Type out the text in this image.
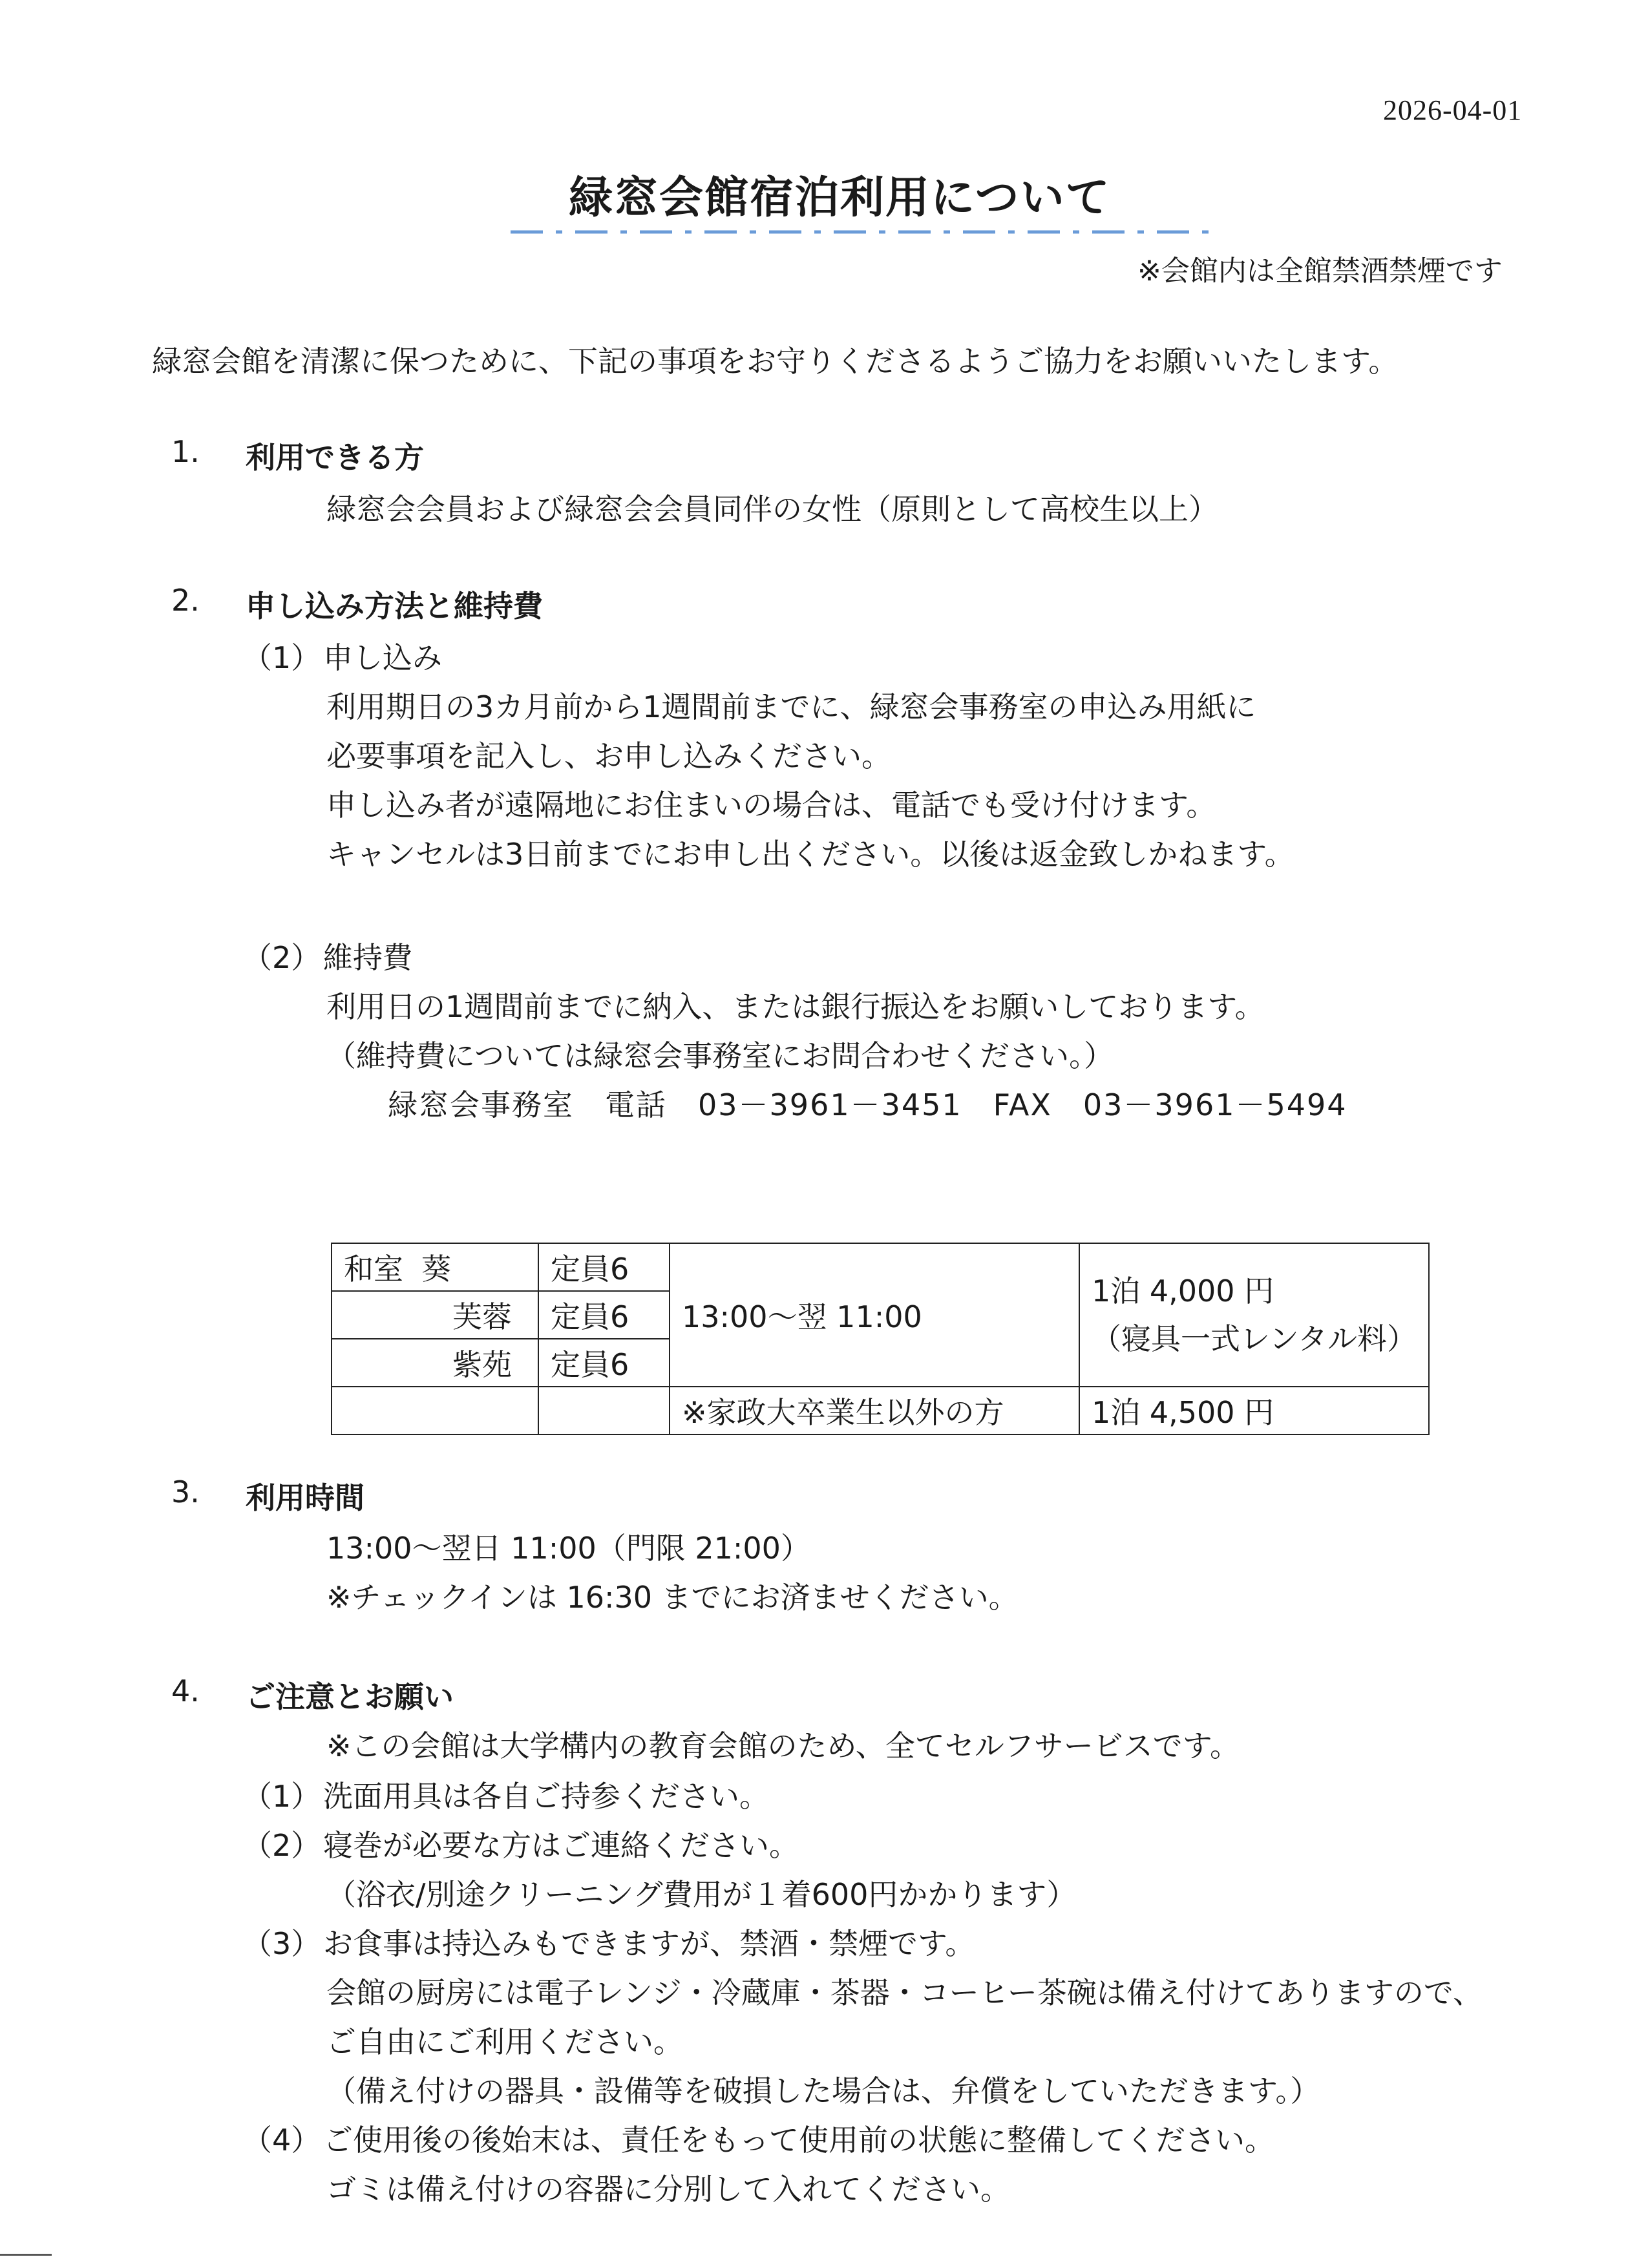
2026-04-01
緑窓会館宿泊利用について
※会館内は全館禁酒禁煙です
緑窓会館を清潔に保つために、下記の事項をお守りくださるようご協力をお願いいたします。
1. 利用できる方
緑窓会会員および緑窓会会員同伴の女性（原則として高校生以上）
2. 申し込み方法と維持費
（1） 申し込み
利用期日の3カ月前から1週間前までに、緑窓会事務室の申込み用紙に
必要事項を記入し、お申し込みください。
申し込み者が遠隔地にお住まいの場合は、電話でも受け付けます。
キャンセルは3日前までにお申し出ください。以後は返金致しかねます。
（2） 維持費
利用日の1週間前までに納入、または銀行振込をお願いしております。
（維持費については緑窓会事務室にお問合わせください。）
緑窓会事務室　電話　03－3961－3451　FAX　03－3961－5494
和室 葵	定員6	13:00～翌 11:00	1泊 4,000 円
（寝具一式レンタル料）

芙蓉	定員6		
紫苑	定員6		
		※家政大卒業生以外の方	1泊 4,500 円
3. 利用時間
13:00～翌日 11:00（門限 21:00）
※チェックインは 16:30 までにお済ませください。
4. ご注意とお願い
※この会館は大学構内の教育会館のため、全てセルフサービスです。
（1） 洗面用具は各自ご持参ください。
（2） 寝巻が必要な方はご連絡ください。
（浴衣/別途クリーニング費用が１着600円かかります）
（3） お食事は持込みもできますが、禁酒・禁煙です。
会館の厨房には電子レンジ・冷蔵庫・茶器・コーヒー茶碗は備え付けてありますので、
ご自由にご利用ください。
（備え付けの器具・設備等を破損した場合は、弁償をしていただきます。）
（4） ご使用後の後始末は、責任をもって使用前の状態に整備してください。
ゴミは備え付けの容器に分別して入れてください。
